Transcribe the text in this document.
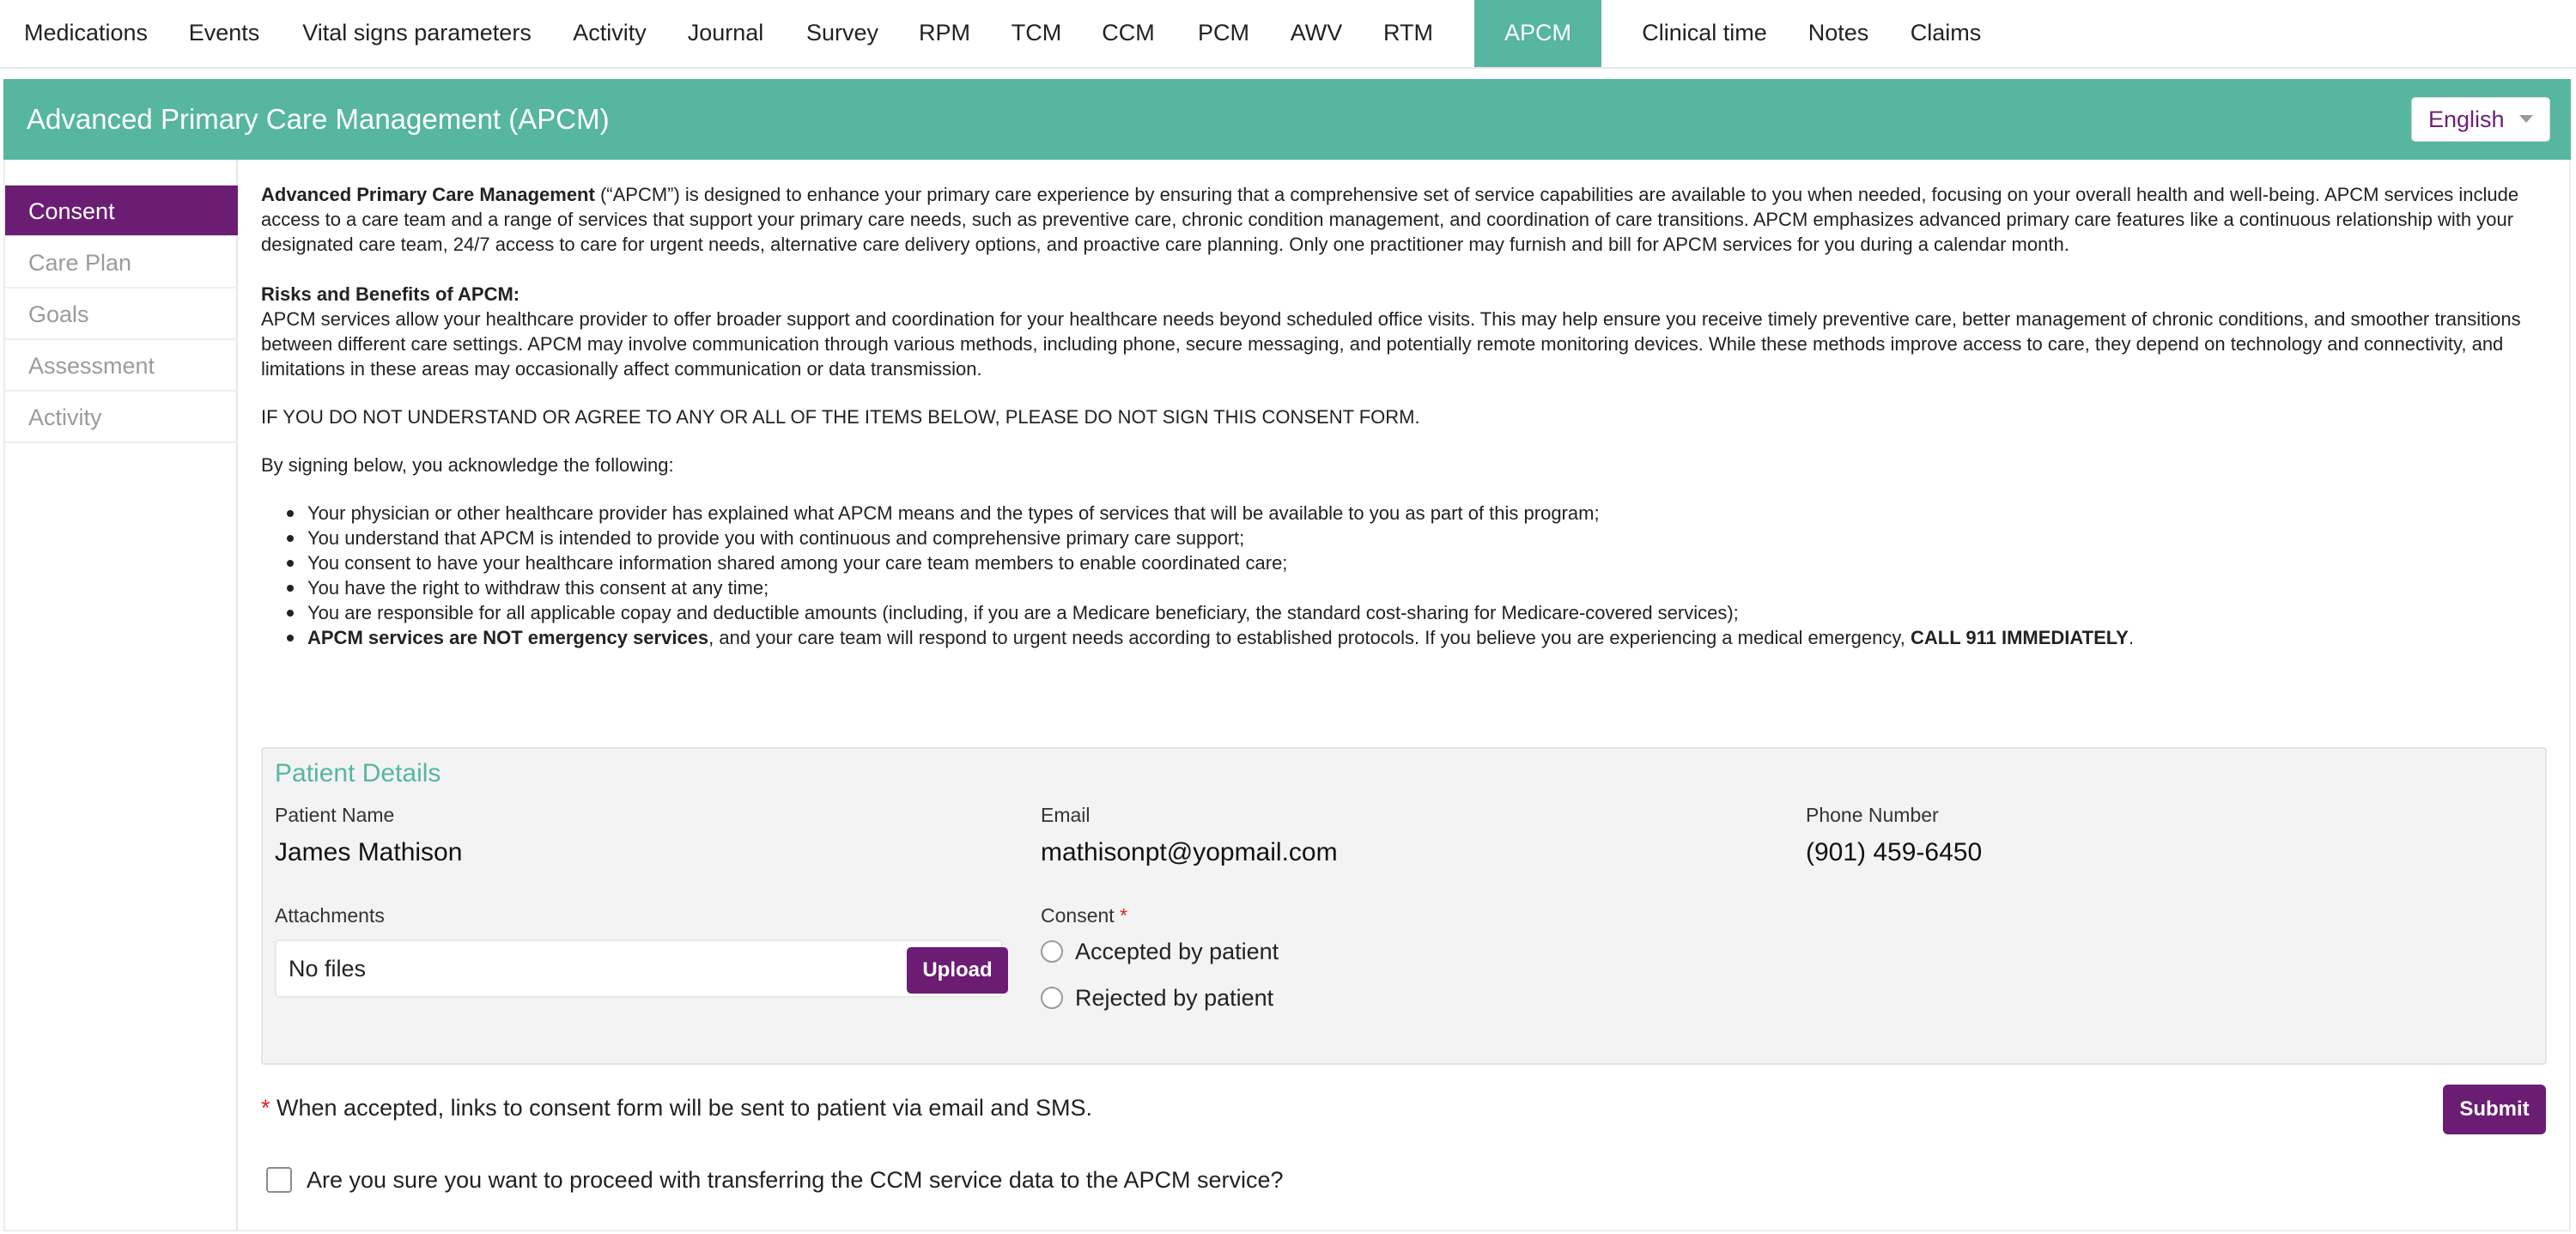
Medications	Events	Vital signs parameters	Activity	Journal	Survey	RPM	TCM	CCM	PCM	AWV	RTM	APCM	Clinical time	Notes	Claims
Advanced Primary Care Management (APCM)	English
Consent
Care Plan
Goals
Assessment
Activity

Advanced Primary Care Management (“APCM”) is designed to enhance your primary care experience by ensuring that a comprehensive set of service capabilities are available to you when needed, focusing on your overall health and well-being. APCM services include access to a care team and a range of services that support your primary care needs, such as preventive care, chronic condition management, and coordination of care transitions. APCM emphasizes advanced primary care features like a continuous relationship with your designated care team, 24/7 access to care for urgent needs, alternative care delivery options, and proactive care planning. Only one practitioner may furnish and bill for APCM services for you during a calendar month.

Risks and Benefits of APCM:

APCM services allow your healthcare provider to offer broader support and coordination for your healthcare needs beyond scheduled office visits. This may help ensure you receive timely preventive care, better management of chronic conditions, and smoother transitions between different care settings. APCM may involve communication through various methods, including phone, secure messaging, and potentially remote monitoring devices. While these methods improve access to care, they depend on technology and connectivity, and limitations in these areas may occasionally affect communication or data transmission.

IF YOU DO NOT UNDERSTAND OR AGREE TO ANY OR ALL OF THE ITEMS BELOW, PLEASE DO NOT SIGN THIS CONSENT FORM.

By signing below, you acknowledge the following:

Your physician or other healthcare provider has explained what APCM means and the types of services that will be available to you as part of this program;
You understand that APCM is intended to provide you with continuous and comprehensive primary care support;
You consent to have your healthcare information shared among your care team members to enable coordinated care;
You have the right to withdraw this consent at any time;
You are responsible for all applicable copay and deductible amounts (including, if you are a Medicare beneficiary, the standard cost-sharing for Medicare-covered services);
APCM services are NOT emergency services, and your care team will respond to urgent needs according to established protocols. If you believe you are experiencing a medical emergency, CALL 911 IMMEDIATELY.
Patient Details
Patient Name
James Mathison
Email
mathisonpt@yopmail.com
Phone Number
(901) 459-6450
Attachments
No files	Upload
Consent *
Accepted by patient
Rejected by patient
* When accepted, links to consent form will be sent to patient via email and SMS.	Submit
Are you sure you want to proceed with transferring the CCM service data to the APCM service?
